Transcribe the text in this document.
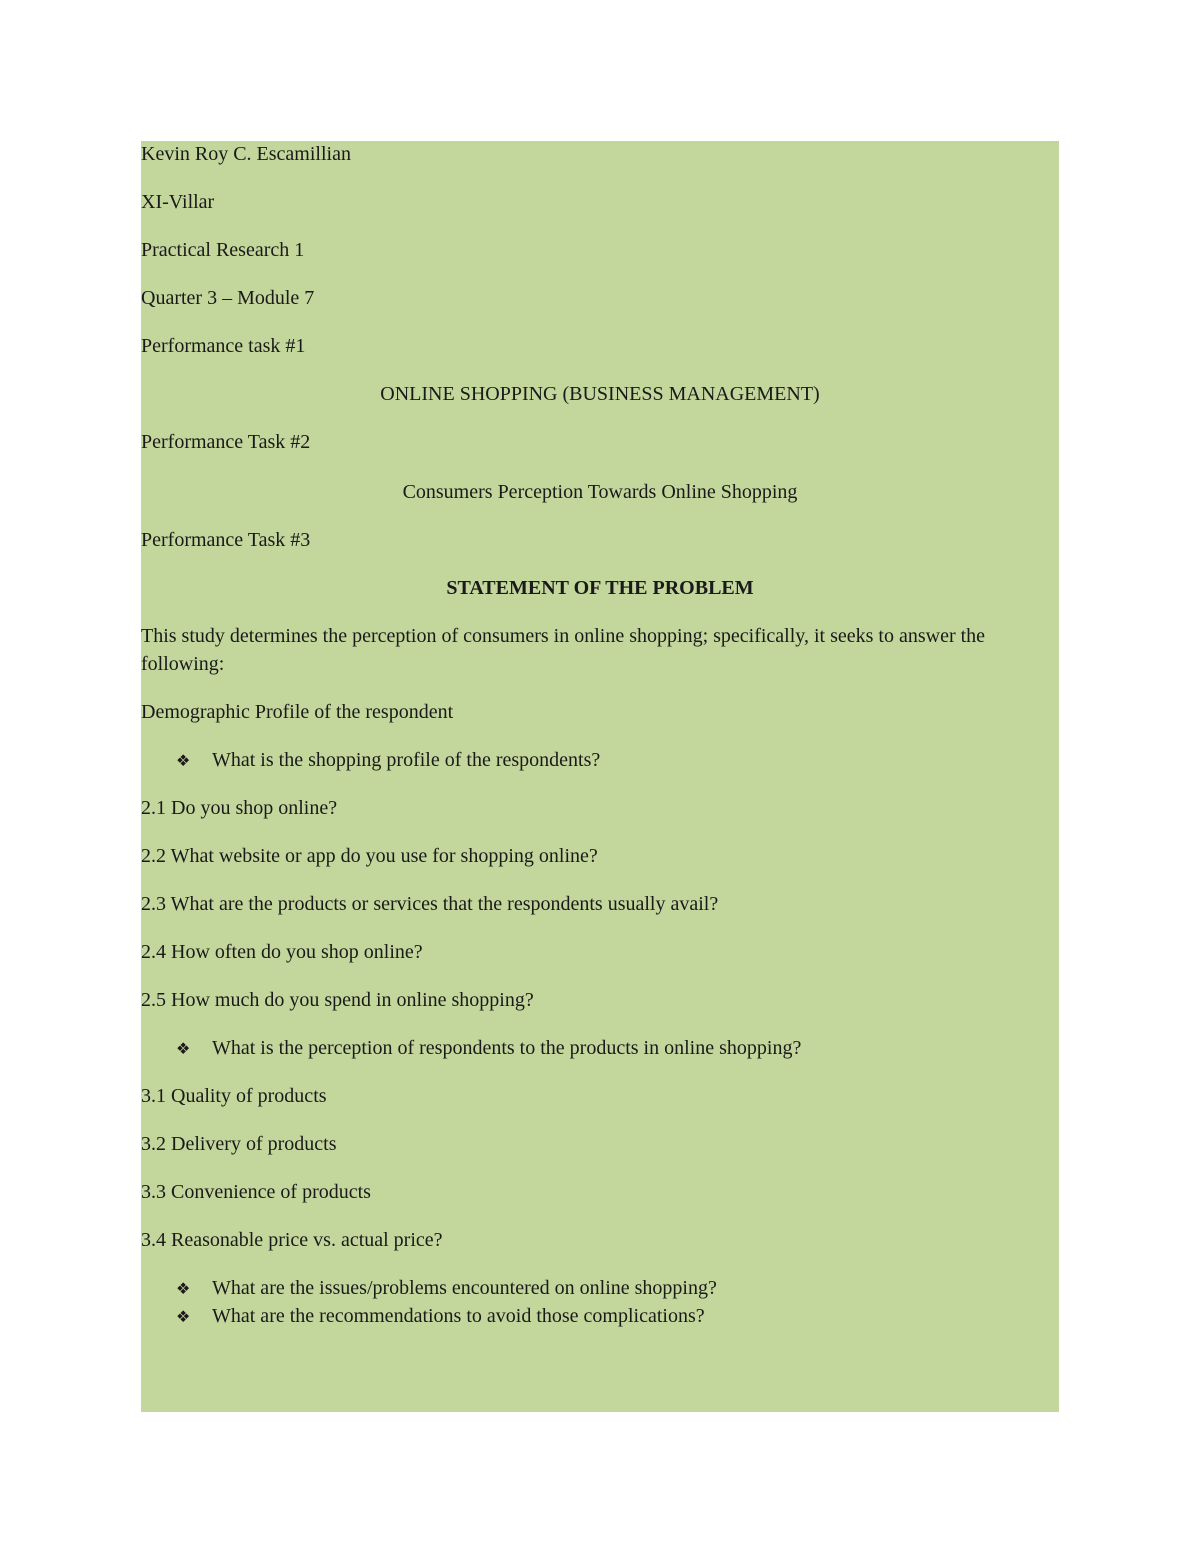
Kevin Roy C. Escamillian
XI-Villar
Practical Research 1
Quarter 3 – Module 7
Performance task #1
ONLINE SHOPPING (BUSINESS MANAGEMENT)
Performance Task #2
Consumers Perception Towards Online Shopping
Performance Task #3
STATEMENT OF THE PROBLEM
This study determines the perception of consumers in online shopping; specifically, it seeks to answer the following:
Demographic Profile of the respondent
❖ What is the shopping profile of the respondents?
2.1 Do you shop online?
2.2 What website or app do you use for shopping online?
2.3 What are the products or services that the respondents usually avail?
2.4 How often do you shop online?
2.5 How much do you spend in online shopping?
❖ What is the perception of respondents to the products in online shopping?
3.1 Quality of products
3.2 Delivery of products
3.3 Convenience of products
3.4 Reasonable price vs. actual price?
❖ What are the issues/problems encountered on online shopping?
❖ What are the recommendations to avoid those complications?
